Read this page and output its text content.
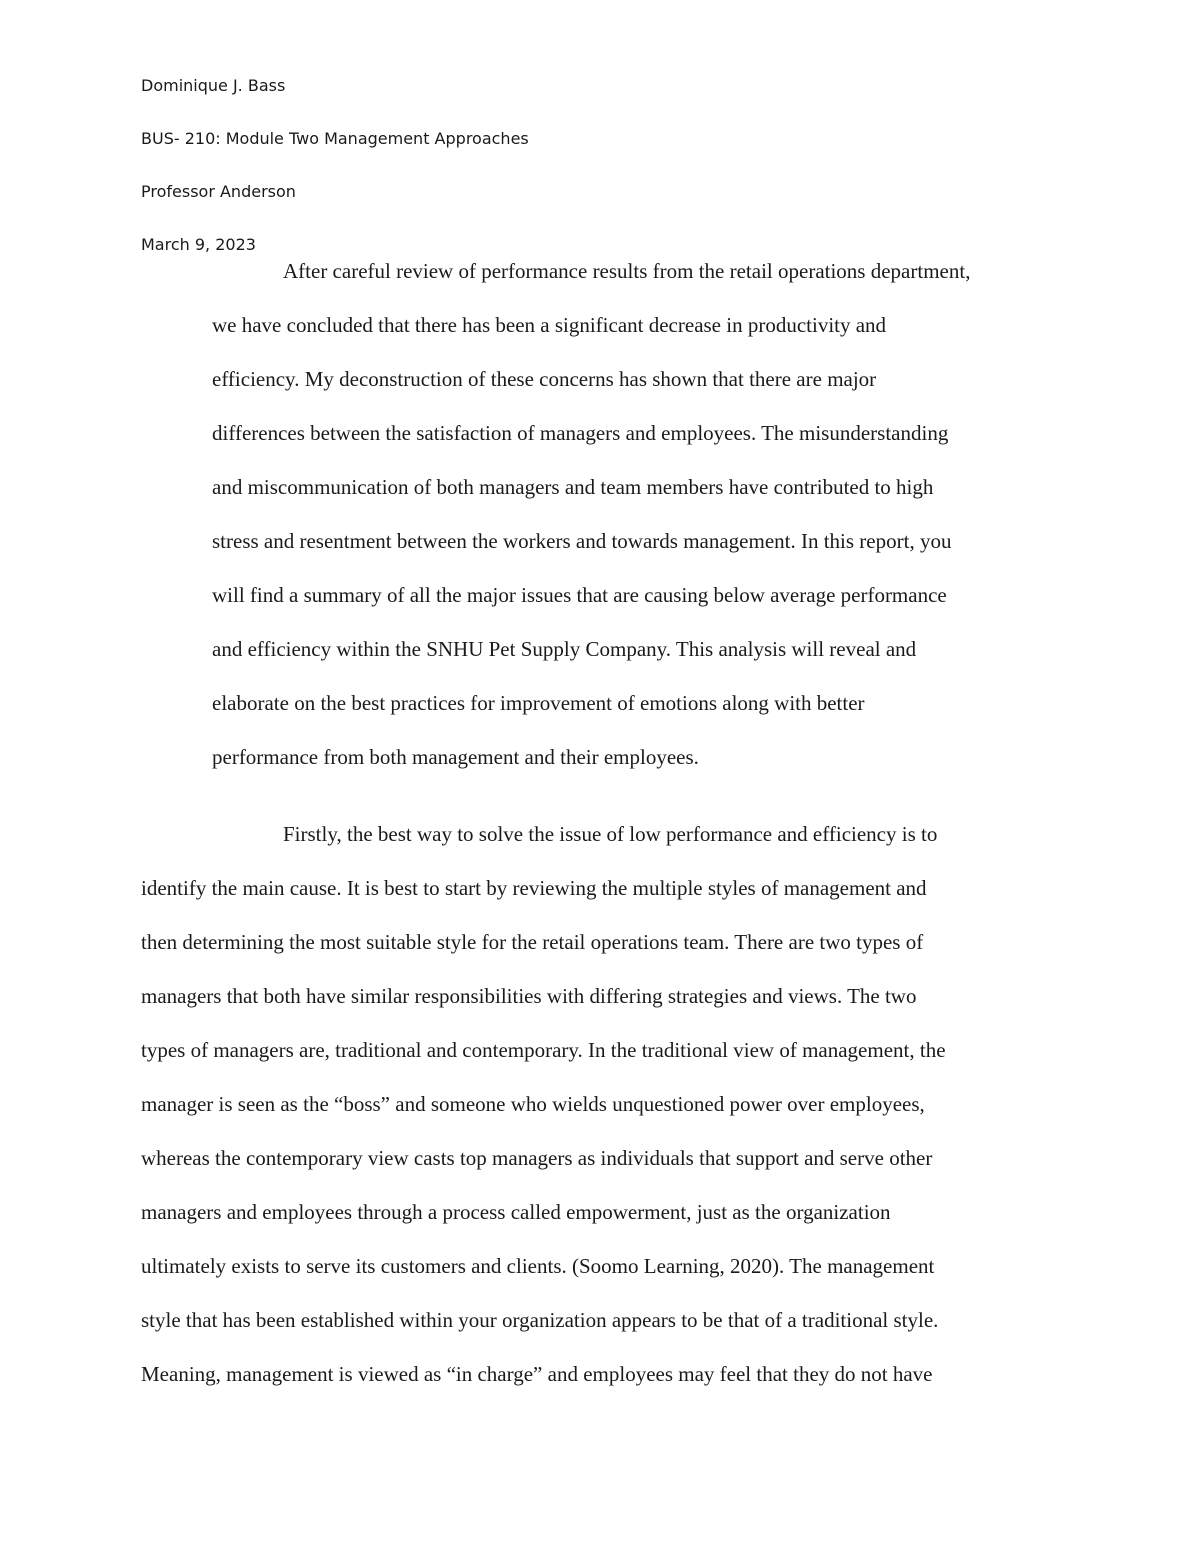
Dominique J. Bass
BUS- 210: Module Two Management Approaches
Professor Anderson
March 9, 2023
After careful review of performance results from the retail operations department,
we have concluded that there has been a significant decrease in productivity and
efficiency. My deconstruction of these concerns has shown that there are major
differences between the satisfaction of managers and employees. The misunderstanding
and miscommunication of both managers and team members have contributed to high
stress and resentment between the workers and towards management. In this report, you
will find a summary of all the major issues that are causing below average performance
and efficiency within the SNHU Pet Supply Company. This analysis will reveal and
elaborate on the best practices for improvement of emotions along with better
performance from both management and their employees.
Firstly, the best way to solve the issue of low performance and efficiency is to
identify the main cause. It is best to start by reviewing the multiple styles of management and
then determining the most suitable style for the retail operations team. There are two types of
managers that both have similar responsibilities with differing strategies and views. The two
types of managers are, traditional and contemporary. In the traditional view of management, the
manager is seen as the “boss” and someone who wields unquestioned power over employees,
whereas the contemporary view casts top managers as individuals that support and serve other
managers and employees through a process called empowerment, just as the organization
ultimately exists to serve its customers and clients. (Soomo Learning, 2020). The management
style that has been established within your organization appears to be that of a traditional style.
Meaning, management is viewed as “in charge” and employees may feel that they do not have
